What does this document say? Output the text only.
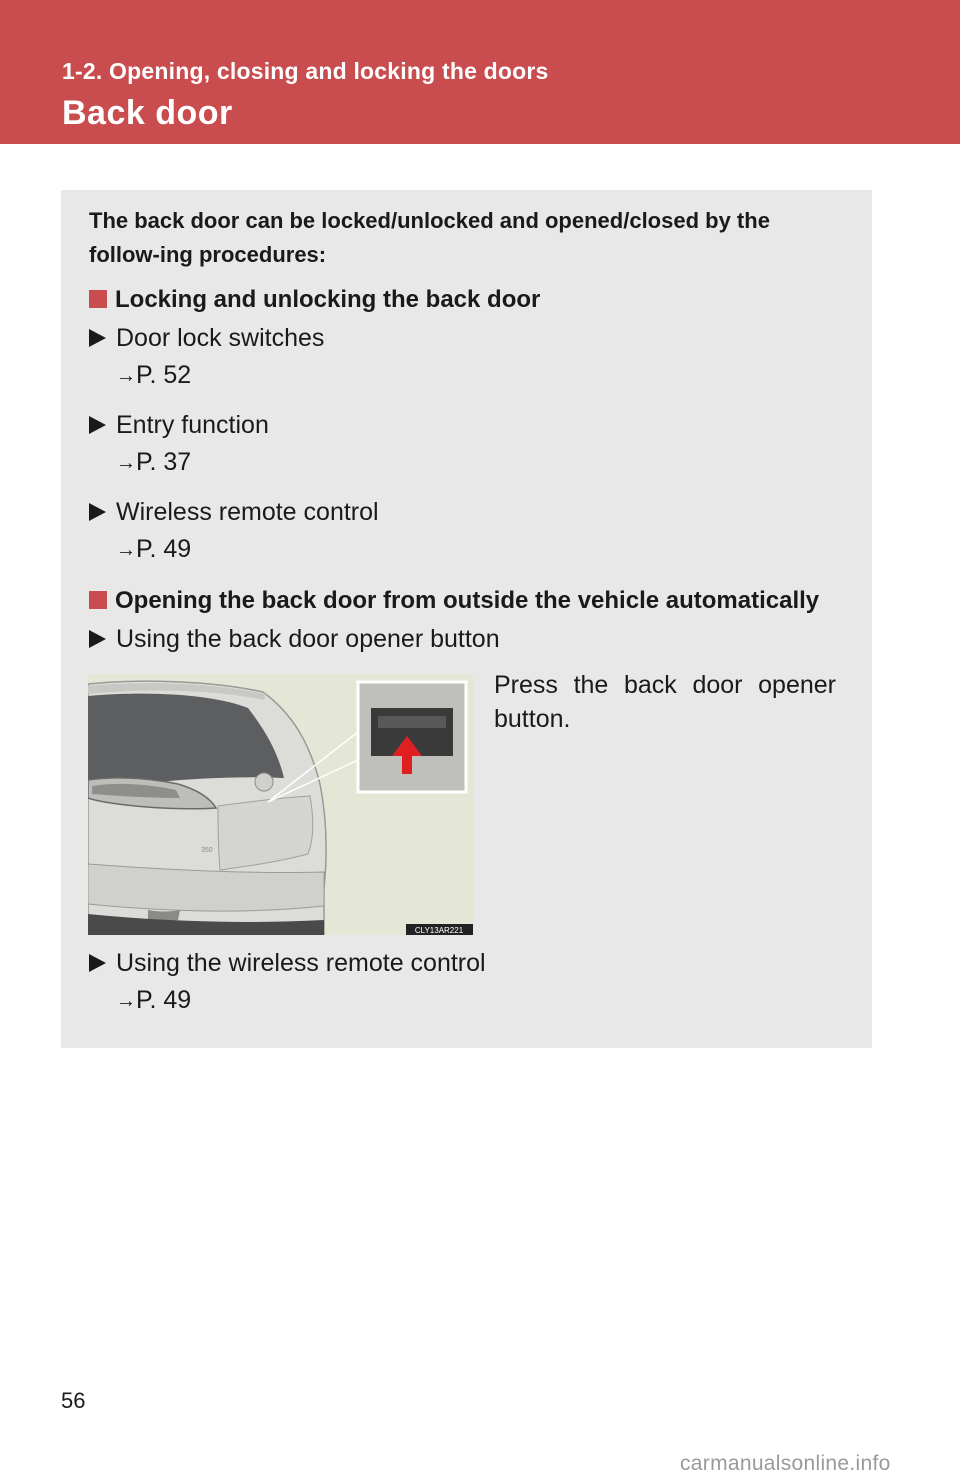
1-2. Opening, closing and locking the doors
Back door
The back door can be locked/unlocked and opened/closed by the follow-ing procedures:
Locking and unlocking the back door
Door lock switches
→P. 52
Entry function
→P. 37
Wireless remote control
→P. 49
Opening the back door from outside the vehicle automatically
Using the back door opener button
CLY13AR221
350
Press the back door opener button.
Using the wireless remote control
→P. 49
56
carmanualsonline.info
